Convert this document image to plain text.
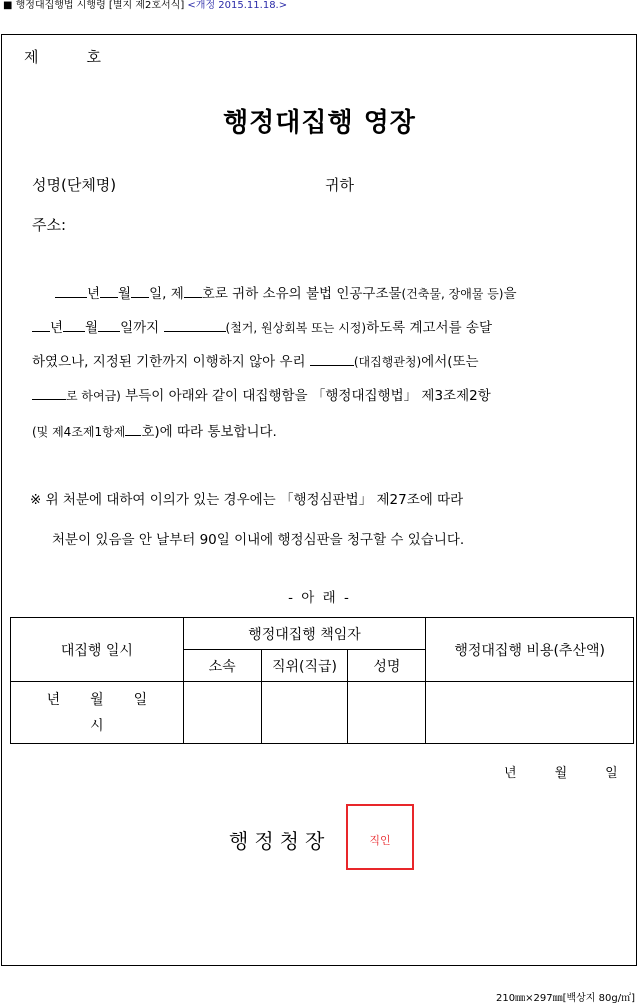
■ 행정대집행법 시행령 [별지 제2호서식] <개정 2015.11.18.>
제	호
행정대집행 영장
성명(단체명)	귀하
주소:
년 월 일, 제 호로 귀하 소유의 불법 인공구조물(건축물, 장애물 등)을
년 월 일까지	(철거, 원상회복 또는 시정)하도록 계고서를 송달
하였으나, 지정된 기한까지 이행하지 않아 우리	(대집행관청)에서(또는
로 하여금) 부득이 아래와 같이 대집행함을 「행정대집행법」 제3조제2항
(및 제4조제1항제 호)에 따라 통보합니다.
※ 위 처분에 대하여 이의가 있는 경우에는 「행정심판법」 제27조에 따라
처분이 있음을 안 날부터 90일 이내에 행정심판을 청구할 수 있습니다.
- 아 래 -
대집행 일시	행정대집행 책임자			행정대집행 비용(추산액)
	소속	직위(직급)	성명	

년 월 일
시				

년	월	일
행정청장	직인
210㎜×297㎜[백상지 80g/㎡]
